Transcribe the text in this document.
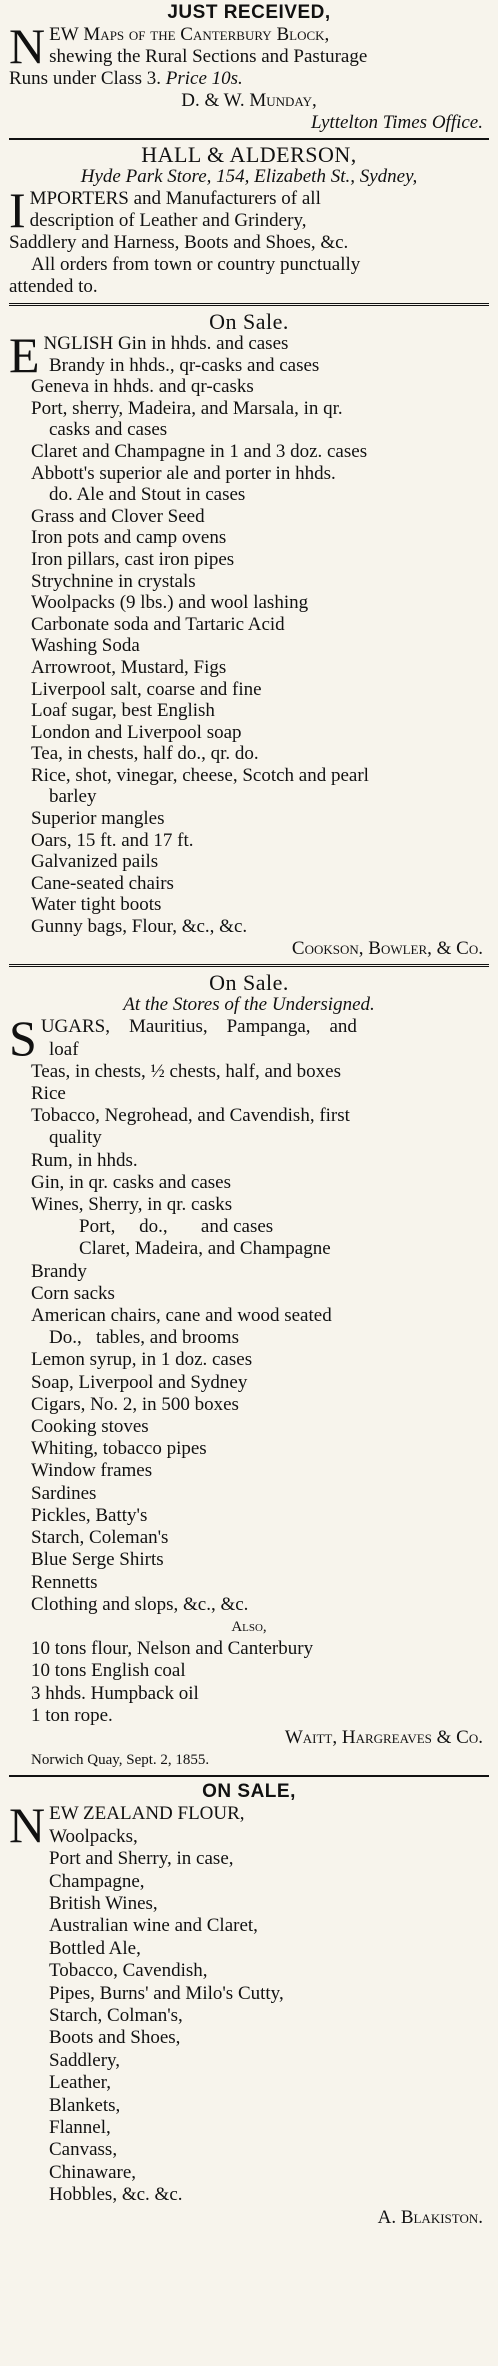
JUST RECEIVED,
N EW Maps of the Canterbury Block,
shewing the Rural Sections and Pasturage
Runs under Class 3. Price 10s.
D. & W. Munday,
Lyttelton Times Office.
HALL & ALDERSON,
Hyde Park Store, 154, Elizabeth St., Sydney,
I MPORTERS and Manufacturers of all
description of Leather and Grindery,
Saddlery and Harness, Boots and Shoes, &c.
All orders from town or country punctually
attended to.
On Sale.
E NGLISH Gin in hhds. and cases
Brandy in hhds., qr-casks and cases
Geneva in hhds. and qr-casks
Port, sherry, Madeira, and Marsala, in qr.
casks and cases
Claret and Champagne in 1 and 3 doz. cases
Abbott's superior ale and porter in hhds.
do. Ale and Stout in cases
Grass and Clover Seed
Iron pots and camp ovens
Iron pillars, cast iron pipes
Strychnine in crystals
Woolpacks (9 lbs.) and wool lashing
Carbonate soda and Tartaric Acid
Washing Soda
Arrowroot, Mustard, Figs
Liverpool salt, coarse and fine
Loaf sugar, best English
London and Liverpool soap
Tea, in chests, half do., qr. do.
Rice, shot, vinegar, cheese, Scotch and pearl
barley
Superior mangles
Oars, 15 ft. and 17 ft.
Galvanized pails
Cane-seated chairs
Water tight boots
Gunny bags, Flour, &c., &c.
Cookson, Bowler, & Co.
On Sale.
At the Stores of the Undersigned.
S UGARS,    Mauritius,    Pampanga,    and
loaf
Teas, in chests, ½ chests, half, and boxes
Rice
Tobacco, Negrohead, and Cavendish, first
quality
Rum, in hhds.
Gin, in qr. casks and cases
Wines, Sherry, in qr. casks
Port,     do.,       and cases
Claret, Madeira, and Champagne
Brandy
Corn sacks
American chairs, cane and wood seated
Do.,   tables, and brooms
Lemon syrup, in 1 doz. cases
Soap, Liverpool and Sydney
Cigars, No. 2, in 500 boxes
Cooking stoves
Whiting, tobacco pipes
Window frames
Sardines
Pickles, Batty's
Starch, Coleman's
Blue Serge Shirts
Rennetts
Clothing and slops, &c., &c.
Also,
10 tons flour, Nelson and Canterbury
10 tons English coal
3 hhds. Humpback oil
1 ton rope.
Waitt, Hargreaves & Co.
Norwich Quay, Sept. 2, 1855.
ON SALE,
N EW ZEALAND FLOUR,
Woolpacks,
Port and Sherry, in case,
Champagne,
British Wines,
Australian wine and Claret,
Bottled Ale,
Tobacco, Cavendish,
Pipes, Burns' and Milo's Cutty,
Starch, Colman's,
Boots and Shoes,
Saddlery,
Leather,
Blankets,
Flannel,
Canvass,
Chinaware,
Hobbles, &c. &c.
A. Blakiston.
